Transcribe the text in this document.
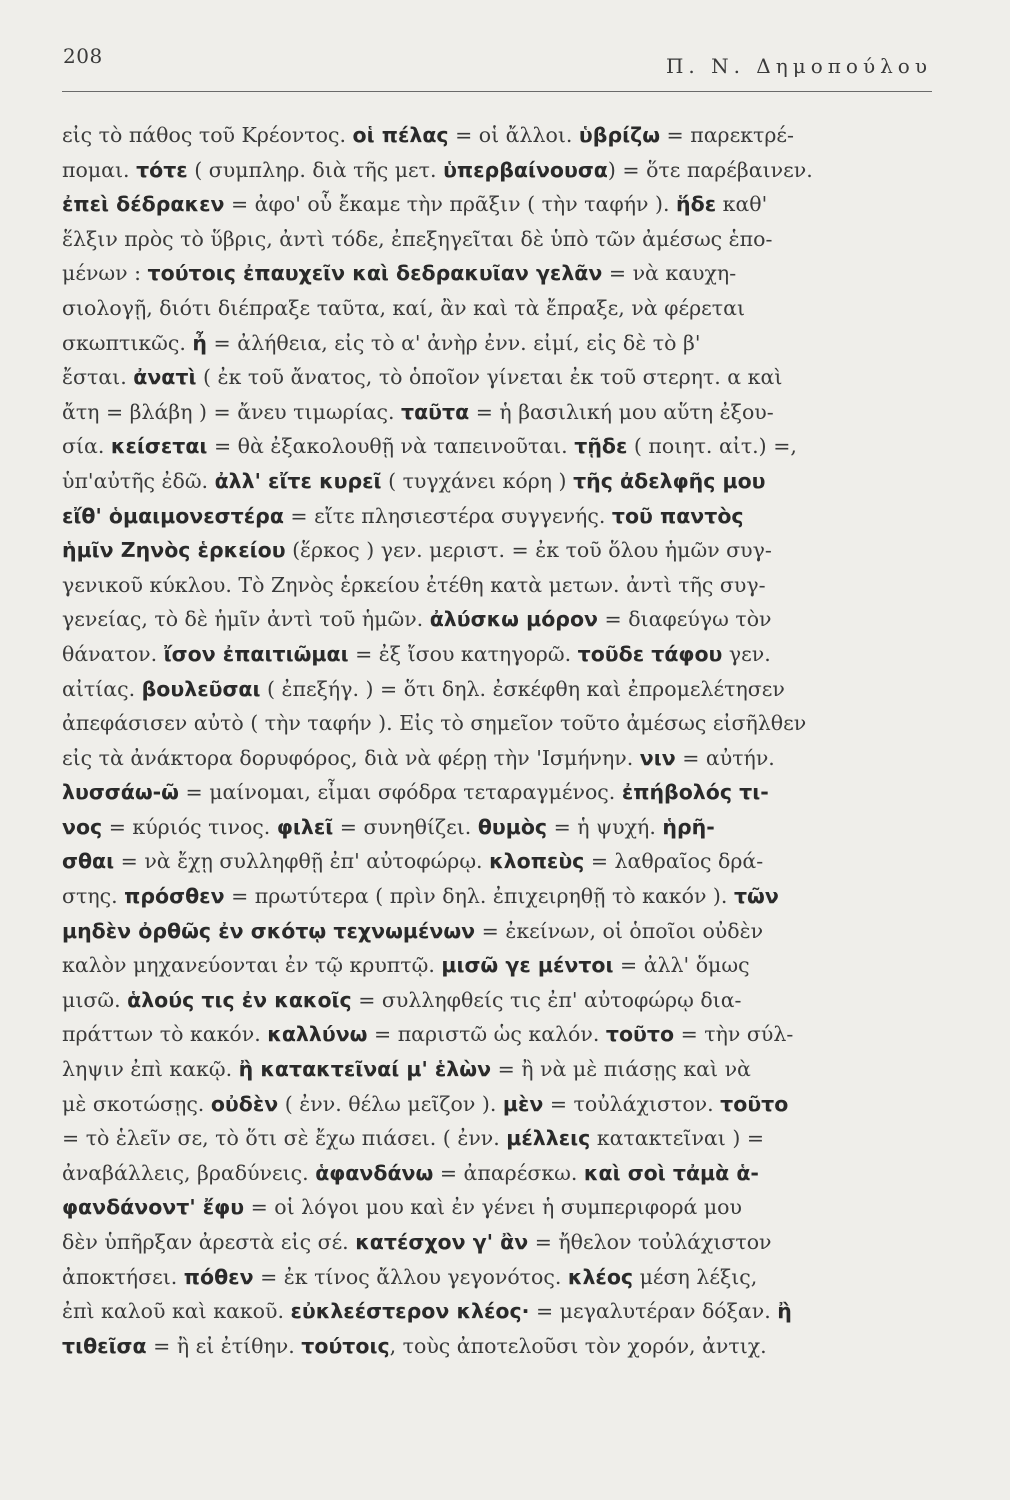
208	Π. Ν. Δημοπούλου
εἰς τὸ πάθος τοῦ Κρέοντος. οἱ πέλας = οἱ ἄλλοι. ὑβρίζω = παρεκτρέ-
πομαι. τότε ( συμπληρ. διὰ τῆς μετ. ὑπερβαίνουσα) = ὅτε παρέβαινεν.
ἐπεὶ δέδρακεν = ἀφο' οὗ ἔκαμε τὴν πρᾶξιν ( τὴν ταφήν ). ἥδε καθ'
ἕλξιν πρὸς τὸ ὕβρις, ἀντὶ τόδε, ἐπεξηγεῖται δὲ ὑπὸ τῶν ἀμέσως ἑπο-
μένων : τούτοις ἐπαυχεῖν καὶ δεδρακυῖαν γελᾶν = νὰ καυχη-
σιολογῇ, διότι διέπραξε ταῦτα, καί, ἂν καὶ τὰ ἔπραξε, νὰ φέρεται
σκωπτικῶς. ἦ = ἀλήθεια, εἰς τὸ α' ἀνὴρ ἐνν. εἰμί, εἰς δὲ τὸ β'
ἔσται. ἀνατὶ ( ἐκ τοῦ ἄνατος, τὸ ὁποῖον γίνεται ἐκ τοῦ στερητ. α καὶ
ἄτη = βλάβη ) = ἄνευ τιμωρίας. ταῦτα = ἡ βασιλική μου αὕτη ἐξου-
σία. κείσεται = θὰ ἐξακολουθῇ νὰ ταπεινοῦται. τῇδε ( ποιητ. αἰτ.) =,
ὑπ'αὐτῆς ἐδῶ. ἀλλ' εἴτε κυρεῖ ( τυγχάνει κόρη ) τῆς ἀδελφῆς μου
εἴθ' ὁμαιμονεστέρα = εἴτε πλησιεστέρα συγγενής. τοῦ παντὸς
ἡμῖν Ζηνὸς ἑρκείου (ἕρκος ) γεν. μεριστ. = ἐκ τοῦ ὅλου ἡμῶν συγ-
γενικοῦ κύκλου. Τὸ Ζηνὸς ἑρκείου ἐτέθη κατὰ μετων. ἀντὶ τῆς συγ-
γενείας, τὸ δὲ ἡμῖν ἀντὶ τοῦ ἡμῶν. ἀλύσκω μόρον = διαφεύγω τὸν
θάνατον. ἴσον ἐπαιτιῶμαι = ἐξ ἴσου κατηγορῶ. τοῦδε τάφου γεν.
αἰτίας. βουλεῦσαι ( ἐπεξήγ. ) = ὅτι δηλ. ἐσκέφθη καὶ ἐπρομελέτησεν
ἀπεφάσισεν αὐτὸ ( τὴν ταφήν ). Εἰς τὸ σημεῖον τοῦτο ἀμέσως εἰσῆλθεν
εἰς τὰ ἀνάκτορα δορυφόρος, διὰ νὰ φέρῃ τὴν 'Ισμήνην. νιν = αὐτήν.
λυσσάω-ῶ = μαίνομαι, εἶμαι σφόδρα τεταραγμένος. ἐπήβολός τι-
νος = κύριός τινος. φιλεῖ = συνηθίζει. θυμὸς = ἡ ψυχή. ἡρῆ-
σθαι = νὰ ἔχῃ συλληφθῇ ἐπ' αὐτοφώρῳ. κλοπεὺς = λαθραῖος δρά-
στης. πρόσθεν = πρωτύτερα ( πρὶν δηλ. ἐπιχειρηθῇ τὸ κακόν ). τῶν
μηδὲν ὀρθῶς ἐν σκότῳ τεχνωμένων = ἐκείνων, οἱ ὁποῖοι οὐδὲν
καλὸν μηχανεύονται ἐν τῷ κρυπτῷ. μισῶ γε μέντοι = ἀλλ' ὅμως
μισῶ. ἁλούς τις ἐν κακοῖς = συλληφθείς τις ἐπ' αὐτοφώρῳ δια-
πράττων τὸ κακόν. καλλύνω = παριστῶ ὡς καλόν. τοῦτο = τὴν σύλ-
ληψιν ἐπὶ κακῷ. ἢ κατακτεῖναί μ' ἑλὼν = ἢ νὰ μὲ πιάσῃς καὶ νὰ
μὲ σκοτώσῃς. οὐδὲν ( ἐνν. θέλω μεῖζον ). μὲν = τοὐλάχιστον. τοῦτο
= τὸ ἑλεῖν σε, τὸ ὅτι σὲ ἔχω πιάσει. ( ἐνν. μέλλεις κατακτεῖναι ) =
ἀναβάλλεις, βραδύνεις. ἁφανδάνω = ἀπαρέσκω. καὶ σοὶ τἀμὰ ἁ-
φανδάνοντ' ἔφυ = οἱ λόγοι μου καὶ ἐν γένει ἡ συμπεριφορά μου
δὲν ὑπῆρξαν ἀρεστὰ εἰς σέ. κατέσχον γ' ἂν = ἤθελον τοὐλάχιστον
ἀποκτήσει. πόθεν = ἐκ τίνος ἄλλου γεγονότος. κλέος μέση λέξις,
ἐπὶ καλοῦ καὶ κακοῦ. εὐκλεέστερον κλέος· = μεγαλυτέραν δόξαν. ἢ
τιθεῖσα = ἢ εἰ ἐτίθην. τούτοις, τοὺς ἀποτελοῦσι τὸν χορόν, ἀντιχ.
